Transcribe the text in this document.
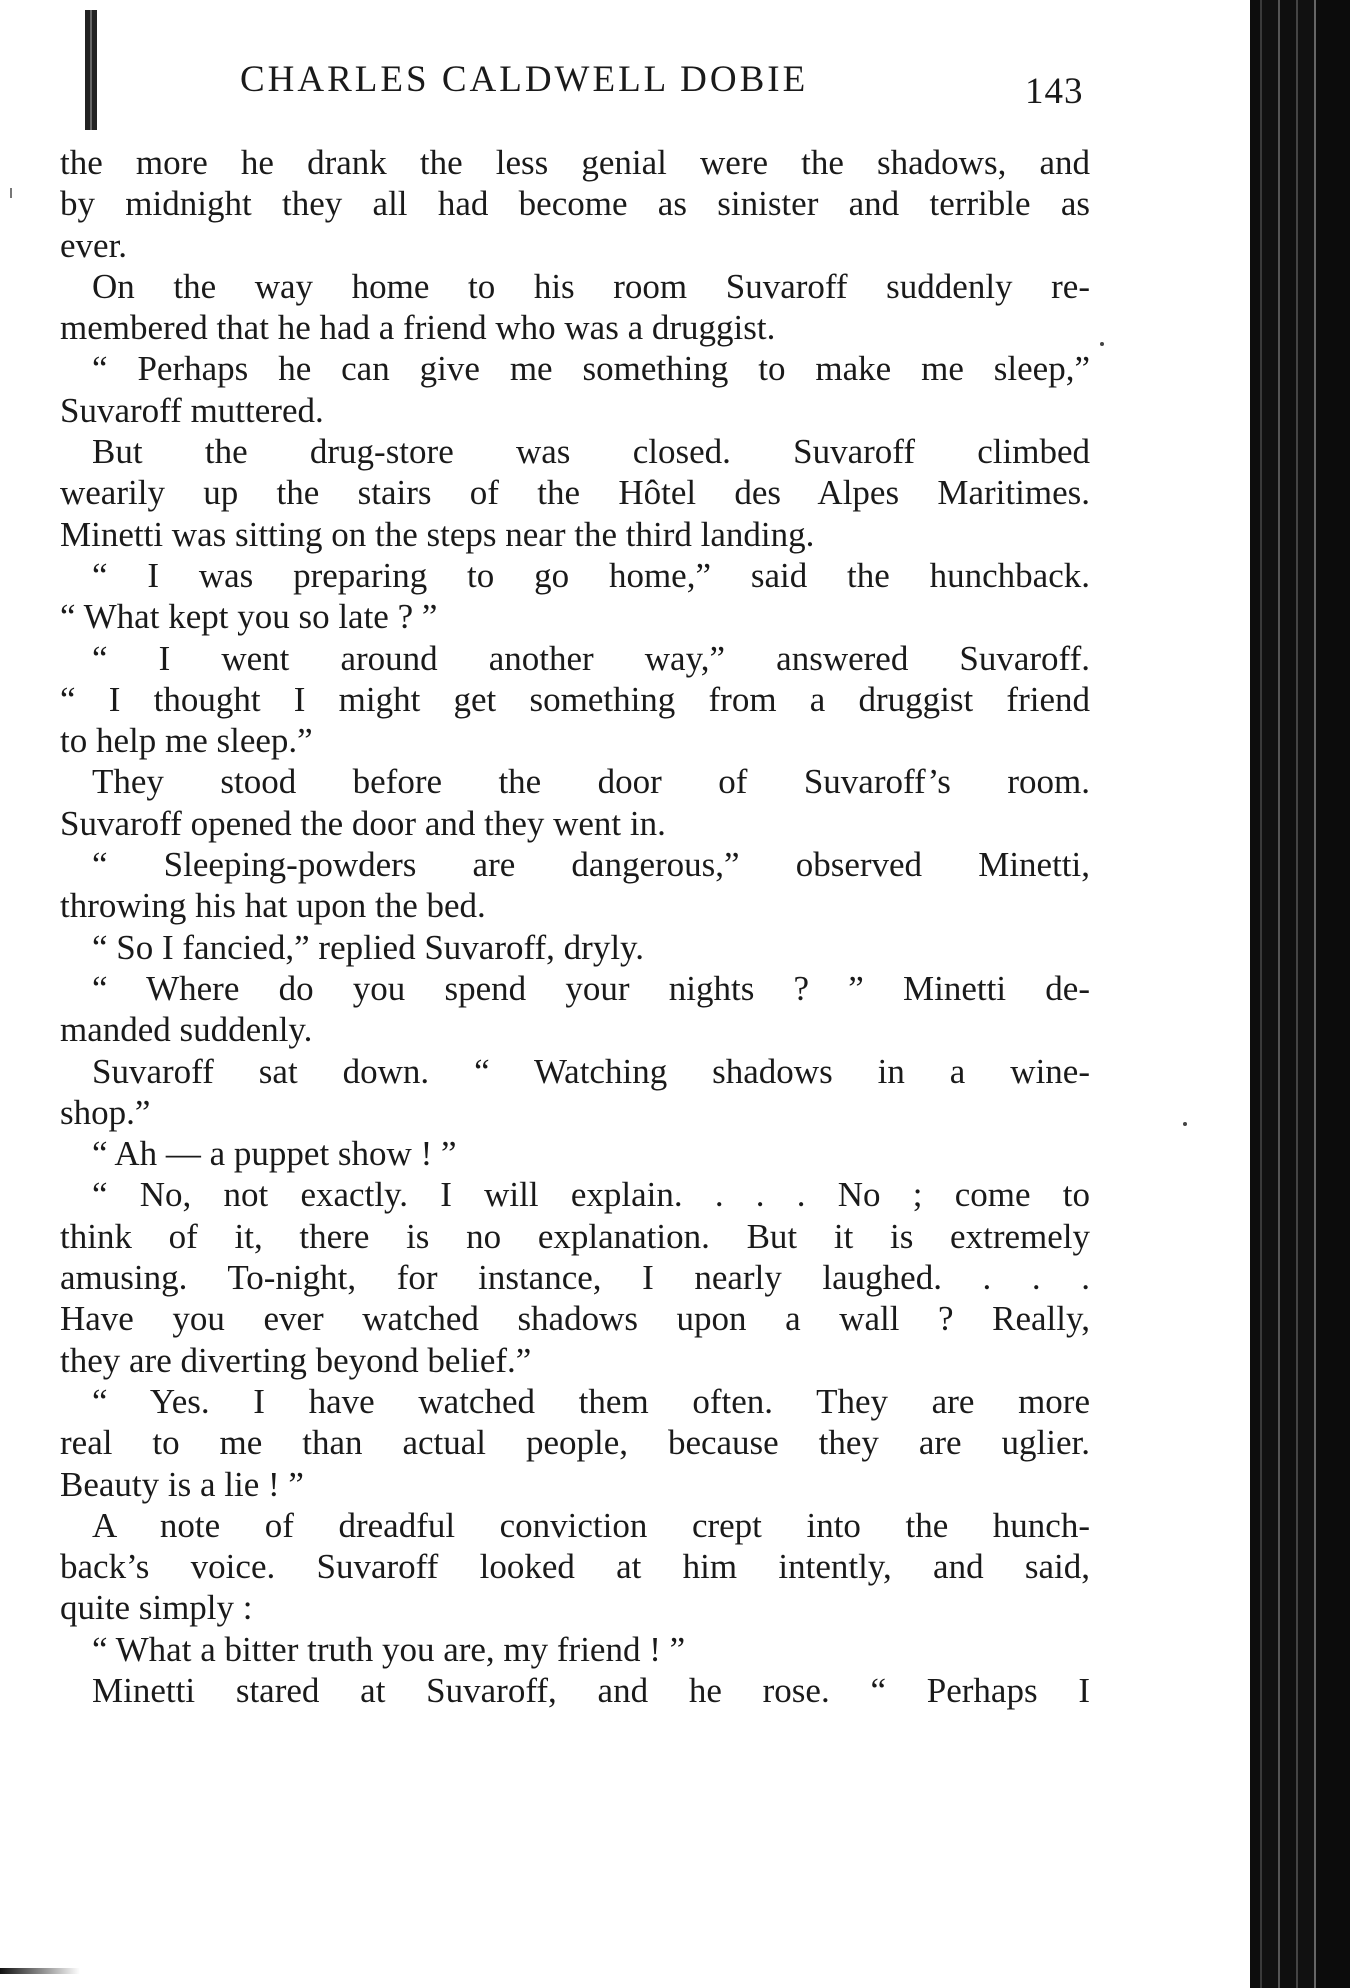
CHARLES CALDWELL DOBIE	143
the more he drank the less genial were the shadows, and
by midnight they all had become as sinister and terrible as
ever.
On the way home to his room Suvaroff suddenly re-
membered that he had a friend who was a druggist.
“ Perhaps he can give me something to make me sleep,”
Suvaroff muttered.
But the drug-store was closed. Suvaroff climbed
wearily up the stairs of the Hôtel des Alpes Maritimes.
Minetti was sitting on the steps near the third landing.
“ I was preparing to go home,” said the hunchback.
“ What kept you so late ? ”
“ I went around another way,” answered Suvaroff.
“ I thought I might get something from a druggist friend
to help me sleep.”
They stood before the door of Suvaroff’s room.
Suvaroff opened the door and they went in.
“ Sleeping-powders are dangerous,” observed Minetti,
throwing his hat upon the bed.
“ So I fancied,” replied Suvaroff, dryly.
“ Where do you spend your nights ? ” Minetti de-
manded suddenly.
Suvaroff sat down. “ Watching shadows in a wine-
shop.”
“ Ah — a puppet show ! ”
“ No, not exactly. I will explain. . . . No ; come to
think of it, there is no explanation. But it is extremely
amusing. To-night, for instance, I nearly laughed. . . .
Have you ever watched shadows upon a wall ? Really,
they are diverting beyond belief.”
“ Yes. I have watched them often. They are more
real to me than actual people, because they are uglier.
Beauty is a lie ! ”
A note of dreadful conviction crept into the hunch-
back’s voice. Suvaroff looked at him intently, and said,
quite simply :
“ What a bitter truth you are, my friend ! ”
Minetti stared at Suvaroff, and he rose. “ Perhaps I
